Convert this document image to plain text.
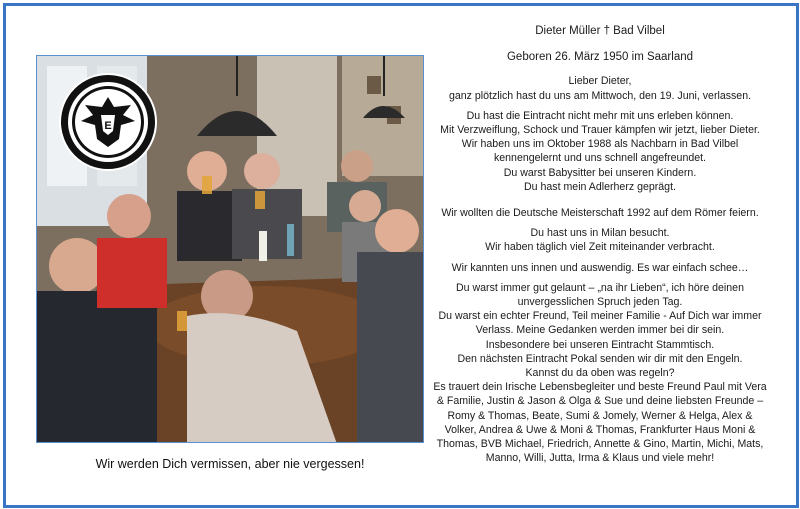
E
Wir werden Dich vermissen, aber nie vergessen!
Dieter Müller † Bad Vilbel
Geboren 26. März 1950 im Saarland
Lieber Dieter,
ganz plötzlich hast du uns am Mittwoch, den 19. Juni, verlassen.
Du hast die Eintracht nicht mehr mit uns erleben können.
Mit Verzweiflung, Schock und Trauer kämpfen wir jetzt, lieber Dieter.
Wir haben uns im Oktober 1988 als Nachbarn in Bad Vilbel
kennengelernt und uns schnell angefreundet.
Du warst Babysitter bei unseren Kindern.
Du hast mein Adlerherz geprägt.
Wir wollten die Deutsche Meisterschaft 1992 auf dem Römer feiern.
Du hast uns in Milan besucht.
Wir haben täglich viel Zeit miteinander verbracht.
Wir kannten uns innen und auswendig. Es war einfach schee…
Du warst immer gut gelaunt – „na ihr Lieben“, ich höre deinen
unvergesslichen Spruch jeden Tag.
Du warst ein echter Freund, Teil meiner Familie - Auf Dich war immer
Verlass. Meine Gedanken werden immer bei dir sein.
Insbesondere bei unseren Eintracht Stammtisch.
Den nächsten Eintracht Pokal senden wir dir mit den Engeln.
Kannst du da oben was regeln?
Es trauert dein Irische Lebensbegleiter und beste Freund Paul mit Vera
& Familie, Justin & Jason & Olga & Sue und deine liebsten Freunde –
Romy & Thomas, Beate, Sumi & Jomely, Werner & Helga, Alex &
Volker, Andrea & Uwe & Moni & Thomas, Frankfurter Haus Moni &
Thomas, BVB Michael, Friedrich, Annette & Gino, Martin, Michi, Mats,
Manno, Willi, Jutta, Irma & Klaus und viele mehr!
